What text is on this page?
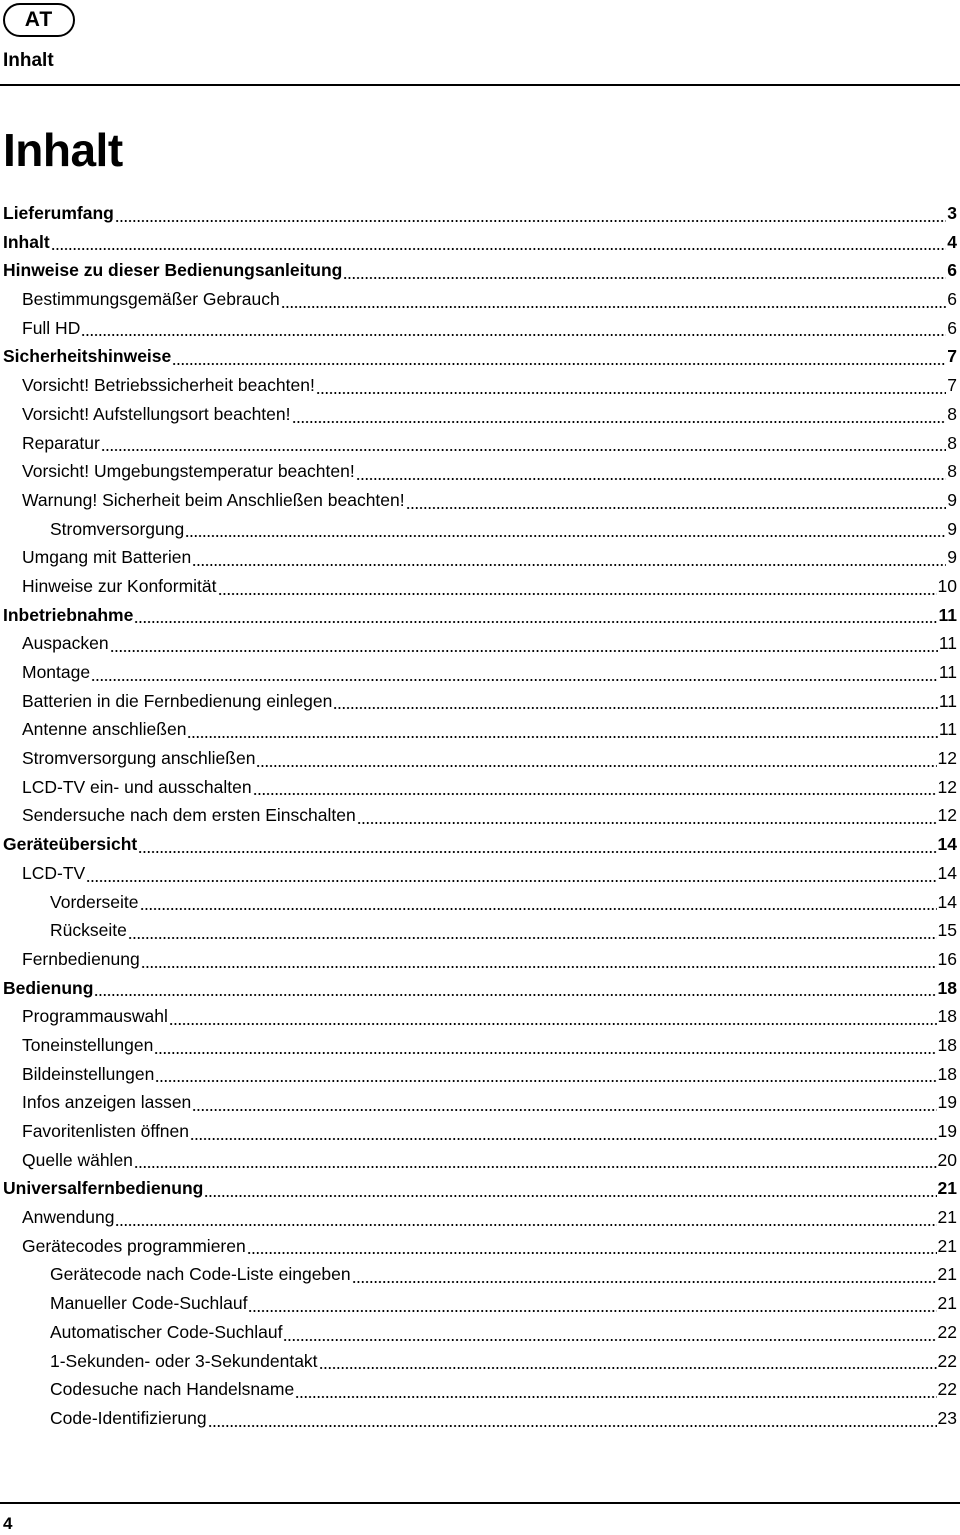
AT
Inhalt
Inhalt
Lieferumfang	3
Inhalt	4
Hinweise zu dieser Bedienungsanleitung	6
Bestimmungsgemäßer Gebrauch	6
Full HD	6
Sicherheitshinweise	7
Vorsicht! Betriebssicherheit beachten!	7
Vorsicht! Aufstellungsort beachten!	8
Reparatur	8
Vorsicht! Umgebungstemperatur beachten!	8
Warnung! Sicherheit beim Anschließen beachten!	9
Stromversorgung	9
Umgang mit Batterien	9
Hinweise zur Konformität	10
Inbetriebnahme	11
Auspacken	11
Montage	11
Batterien in die Fernbedienung einlegen	11
Antenne anschließen	11
Stromversorgung anschließen	12
LCD-TV ein- und ausschalten	12
Sendersuche nach dem ersten Einschalten	12
Geräteübersicht	14
LCD-TV	14
Vorderseite	14
Rückseite	15
Fernbedienung	16
Bedienung	18
Programmauswahl	18
Toneinstellungen	18
Bildeinstellungen	18
Infos anzeigen lassen	19
Favoritenlisten öffnen	19
Quelle wählen	20
Universalfernbedienung	21
Anwendung	21
Gerätecodes programmieren	21
Gerätecode nach Code-Liste eingeben	21
Manueller Code-Suchlauf	21
Automatischer Code-Suchlauf	22
1-Sekunden- oder 3-Sekundentakt	22
Codesuche nach Handelsname	22
Code-Identifizierung	23
4
